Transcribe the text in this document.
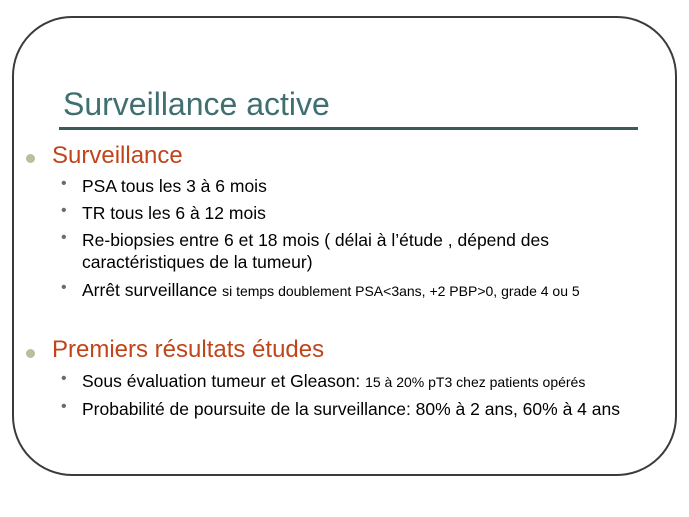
Surveillance active
Surveillance
• PSA tous les 3 à 6 mois
• TR tous les 6 à 12 mois
• Re-biopsies entre 6 et 18 mois ( délai à l’étude , dépend des
caractéristiques de la tumeur)
• Arrêt surveillance si temps doublement PSA<3ans, +2 PBP>0, grade 4 ou 5
Premiers résultats études
• Sous évaluation tumeur et Gleason: 15 à 20% pT3 chez patients opérés
• Probabilité de poursuite de la surveillance: 80% à 2 ans, 60% à 4 ans
